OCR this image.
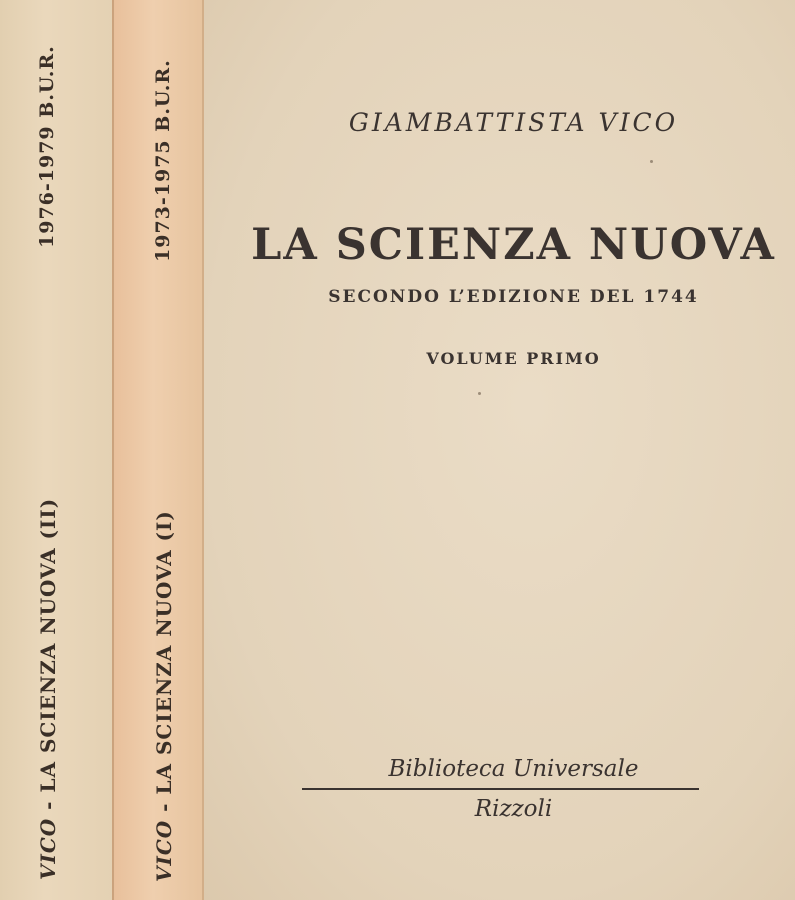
1976-1979 B.U.R.
VICO - LA SCIENZA NUOVA (II)
1973-1975 B.U.R.
VICO - LA SCIENZA NUOVA (I)
GIAMBATTISTA VICO
LA SCIENZA NUOVA
SECONDO L’EDIZIONE DEL 1744
VOLUME PRIMO
Biblioteca Universale
Rizzoli
